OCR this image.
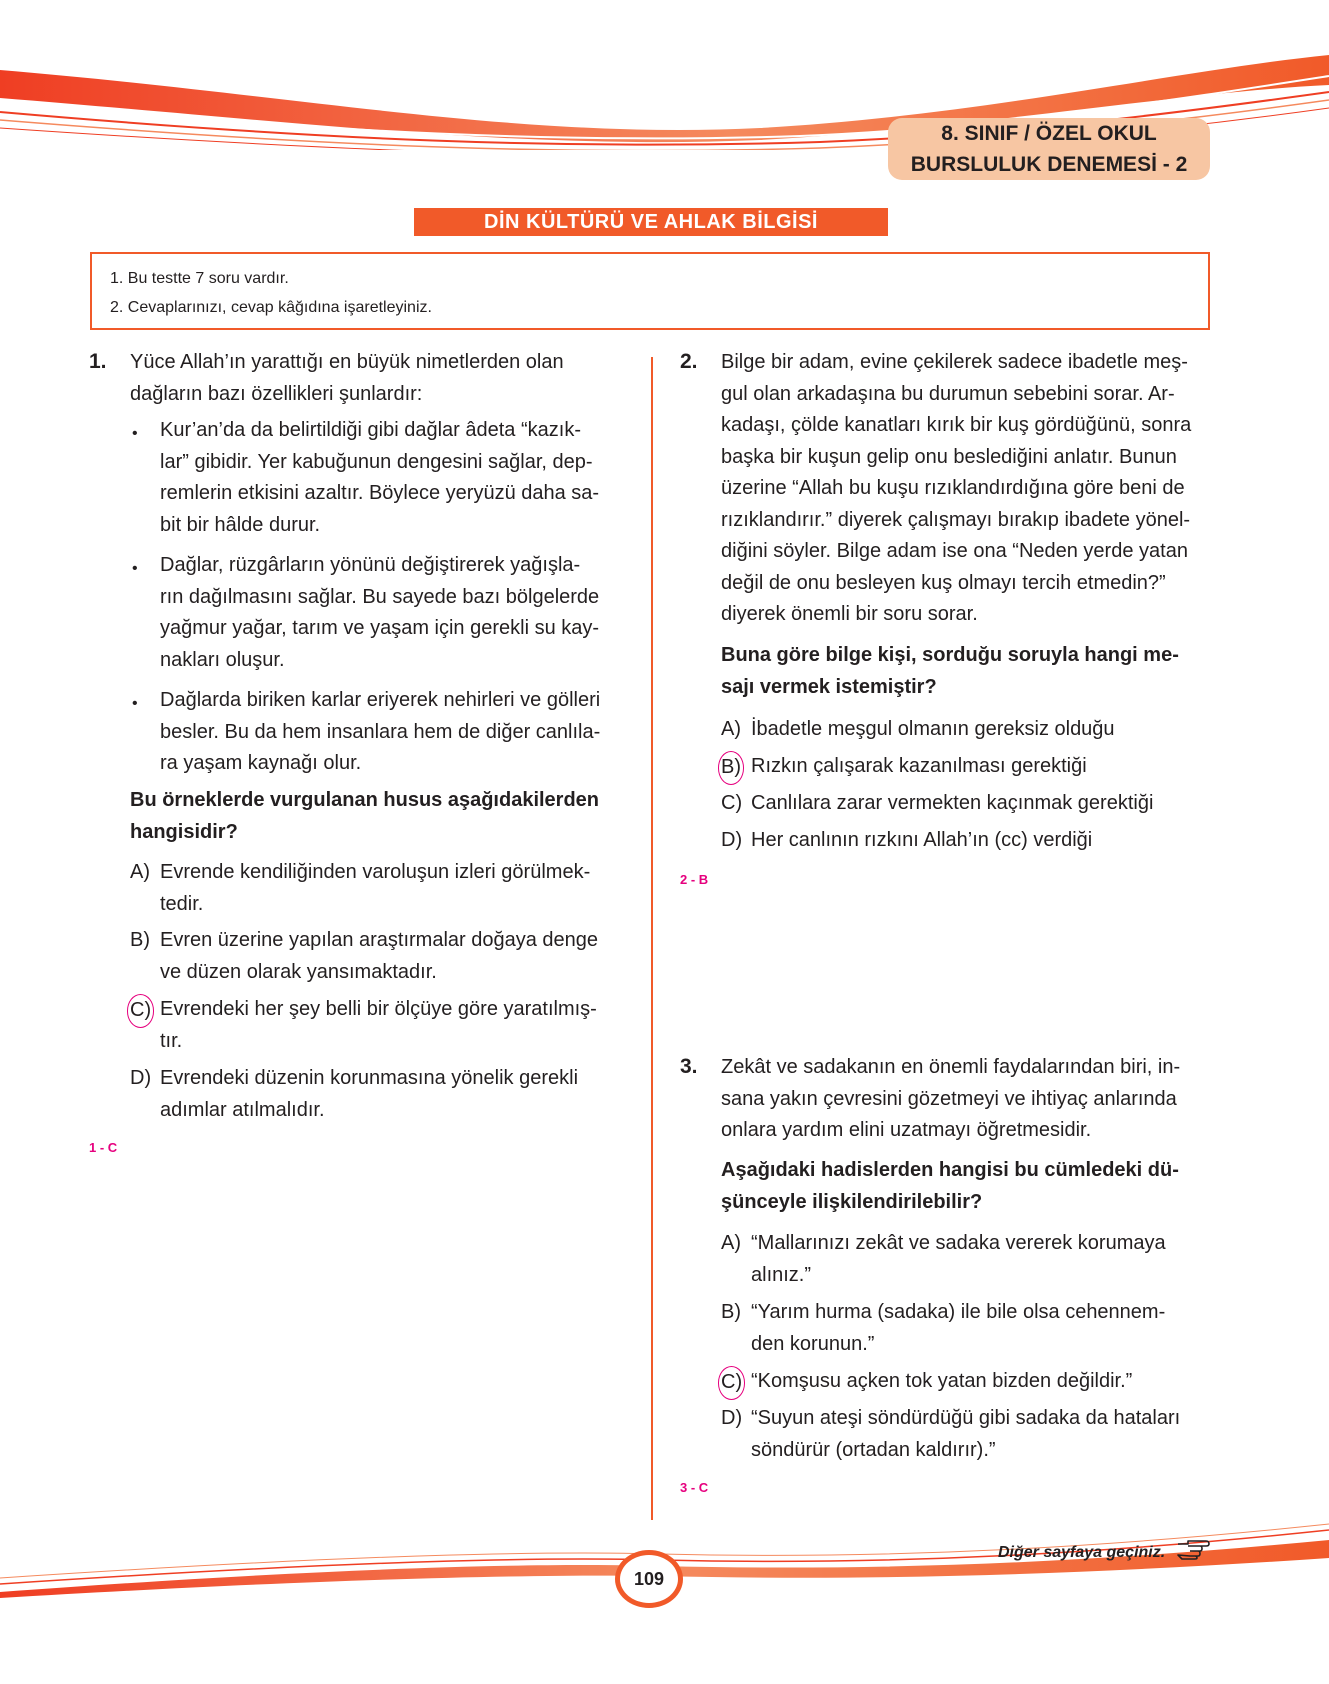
8. SINIF / ÖZEL OKUL
BURSLULUK DENEMESİ - 2
DİN KÜLTÜRÜ VE AHLAK BİLGİSİ
1. Bu testte 7 soru vardır.
2. Cevaplarınızı, cevap kâğıdına işaretleyiniz.
1. Yüce Allah’ın yarattığı en büyük nimetlerden olan
dağların bazı özellikleri şunlardır:
• Kur’an’da da belirtildiği gibi dağlar âdeta “kazık-
lar” gibidir. Yer kabuğunun dengesini sağlar, dep-
remlerin etkisini azaltır. Böylece yeryüzü daha sa-
bit bir hâlde durur.
• Dağlar, rüzgârların yönünü değiştirerek yağışla-
rın dağılmasını sağlar. Bu sayede bazı bölgelerde
yağmur yağar, tarım ve yaşam için gerekli su kay-
nakları oluşur.
• Dağlarda biriken karlar eriyerek nehirleri ve gölleri
besler. Bu da hem insanlara hem de diğer canlıla-
ra yaşam kaynağı olur.
Bu örneklerde vurgulanan husus aşağıdakilerden
hangisidir?
A) Evrende kendiliğinden varoluşun izleri görülmek-
tedir.
B) Evren üzerine yapılan araştırmalar doğaya denge
ve düzen olarak yansımaktadır.
C) Evrendeki her şey belli bir ölçüye göre yaratılmış-
tır.
D) Evrendeki düzenin korunmasına yönelik gerekli
adımlar atılmalıdır.
1 - C
2. Bilge bir adam, evine çekilerek sadece ibadetle meş-
gul olan arkadaşına bu durumun sebebini sorar. Ar-
kadaşı, çölde kanatları kırık bir kuş gördüğünü, sonra
başka bir kuşun gelip onu beslediğini anlatır. Bunun
üzerine “Allah bu kuşu rızıklandırdığına göre beni de
rızıklandırır.” diyerek çalışmayı bırakıp ibadete yönel-
diğini söyler. Bilge adam ise ona “Neden yerde yatan
değil de onu besleyen kuş olmayı tercih etmedin?”
diyerek önemli bir soru sorar.
Buna göre bilge kişi, sorduğu soruyla hangi me-
sajı vermek istemiştir?
A) İbadetle meşgul olmanın gereksiz olduğu
B) Rızkın çalışarak kazanılması gerektiği
C) Canlılara zarar vermekten kaçınmak gerektiği
D) Her canlının rızkını Allah’ın (cc) verdiği
2 - B
3. Zekât ve sadakanın en önemli faydalarından biri, in-
sana yakın çevresini gözetmeyi ve ihtiyaç anlarında
onlara yardım elini uzatmayı öğretmesidir.
Aşağıdaki hadislerden hangisi bu cümledeki dü-
şünceyle ilişkilendirilebilir?
A) “Mallarınızı zekât ve sadaka vererek korumaya
alınız.”
B) “Yarım hurma (sadaka) ile bile olsa cehennem-
den korunun.”
C) “Komşusu açken tok yatan bizden değildir.”
D) “Suyun ateşi söndürdüğü gibi sadaka da hataları
söndürür (ortadan kaldırır).”
3 - C
109
Diğer sayfaya geçiniz.
